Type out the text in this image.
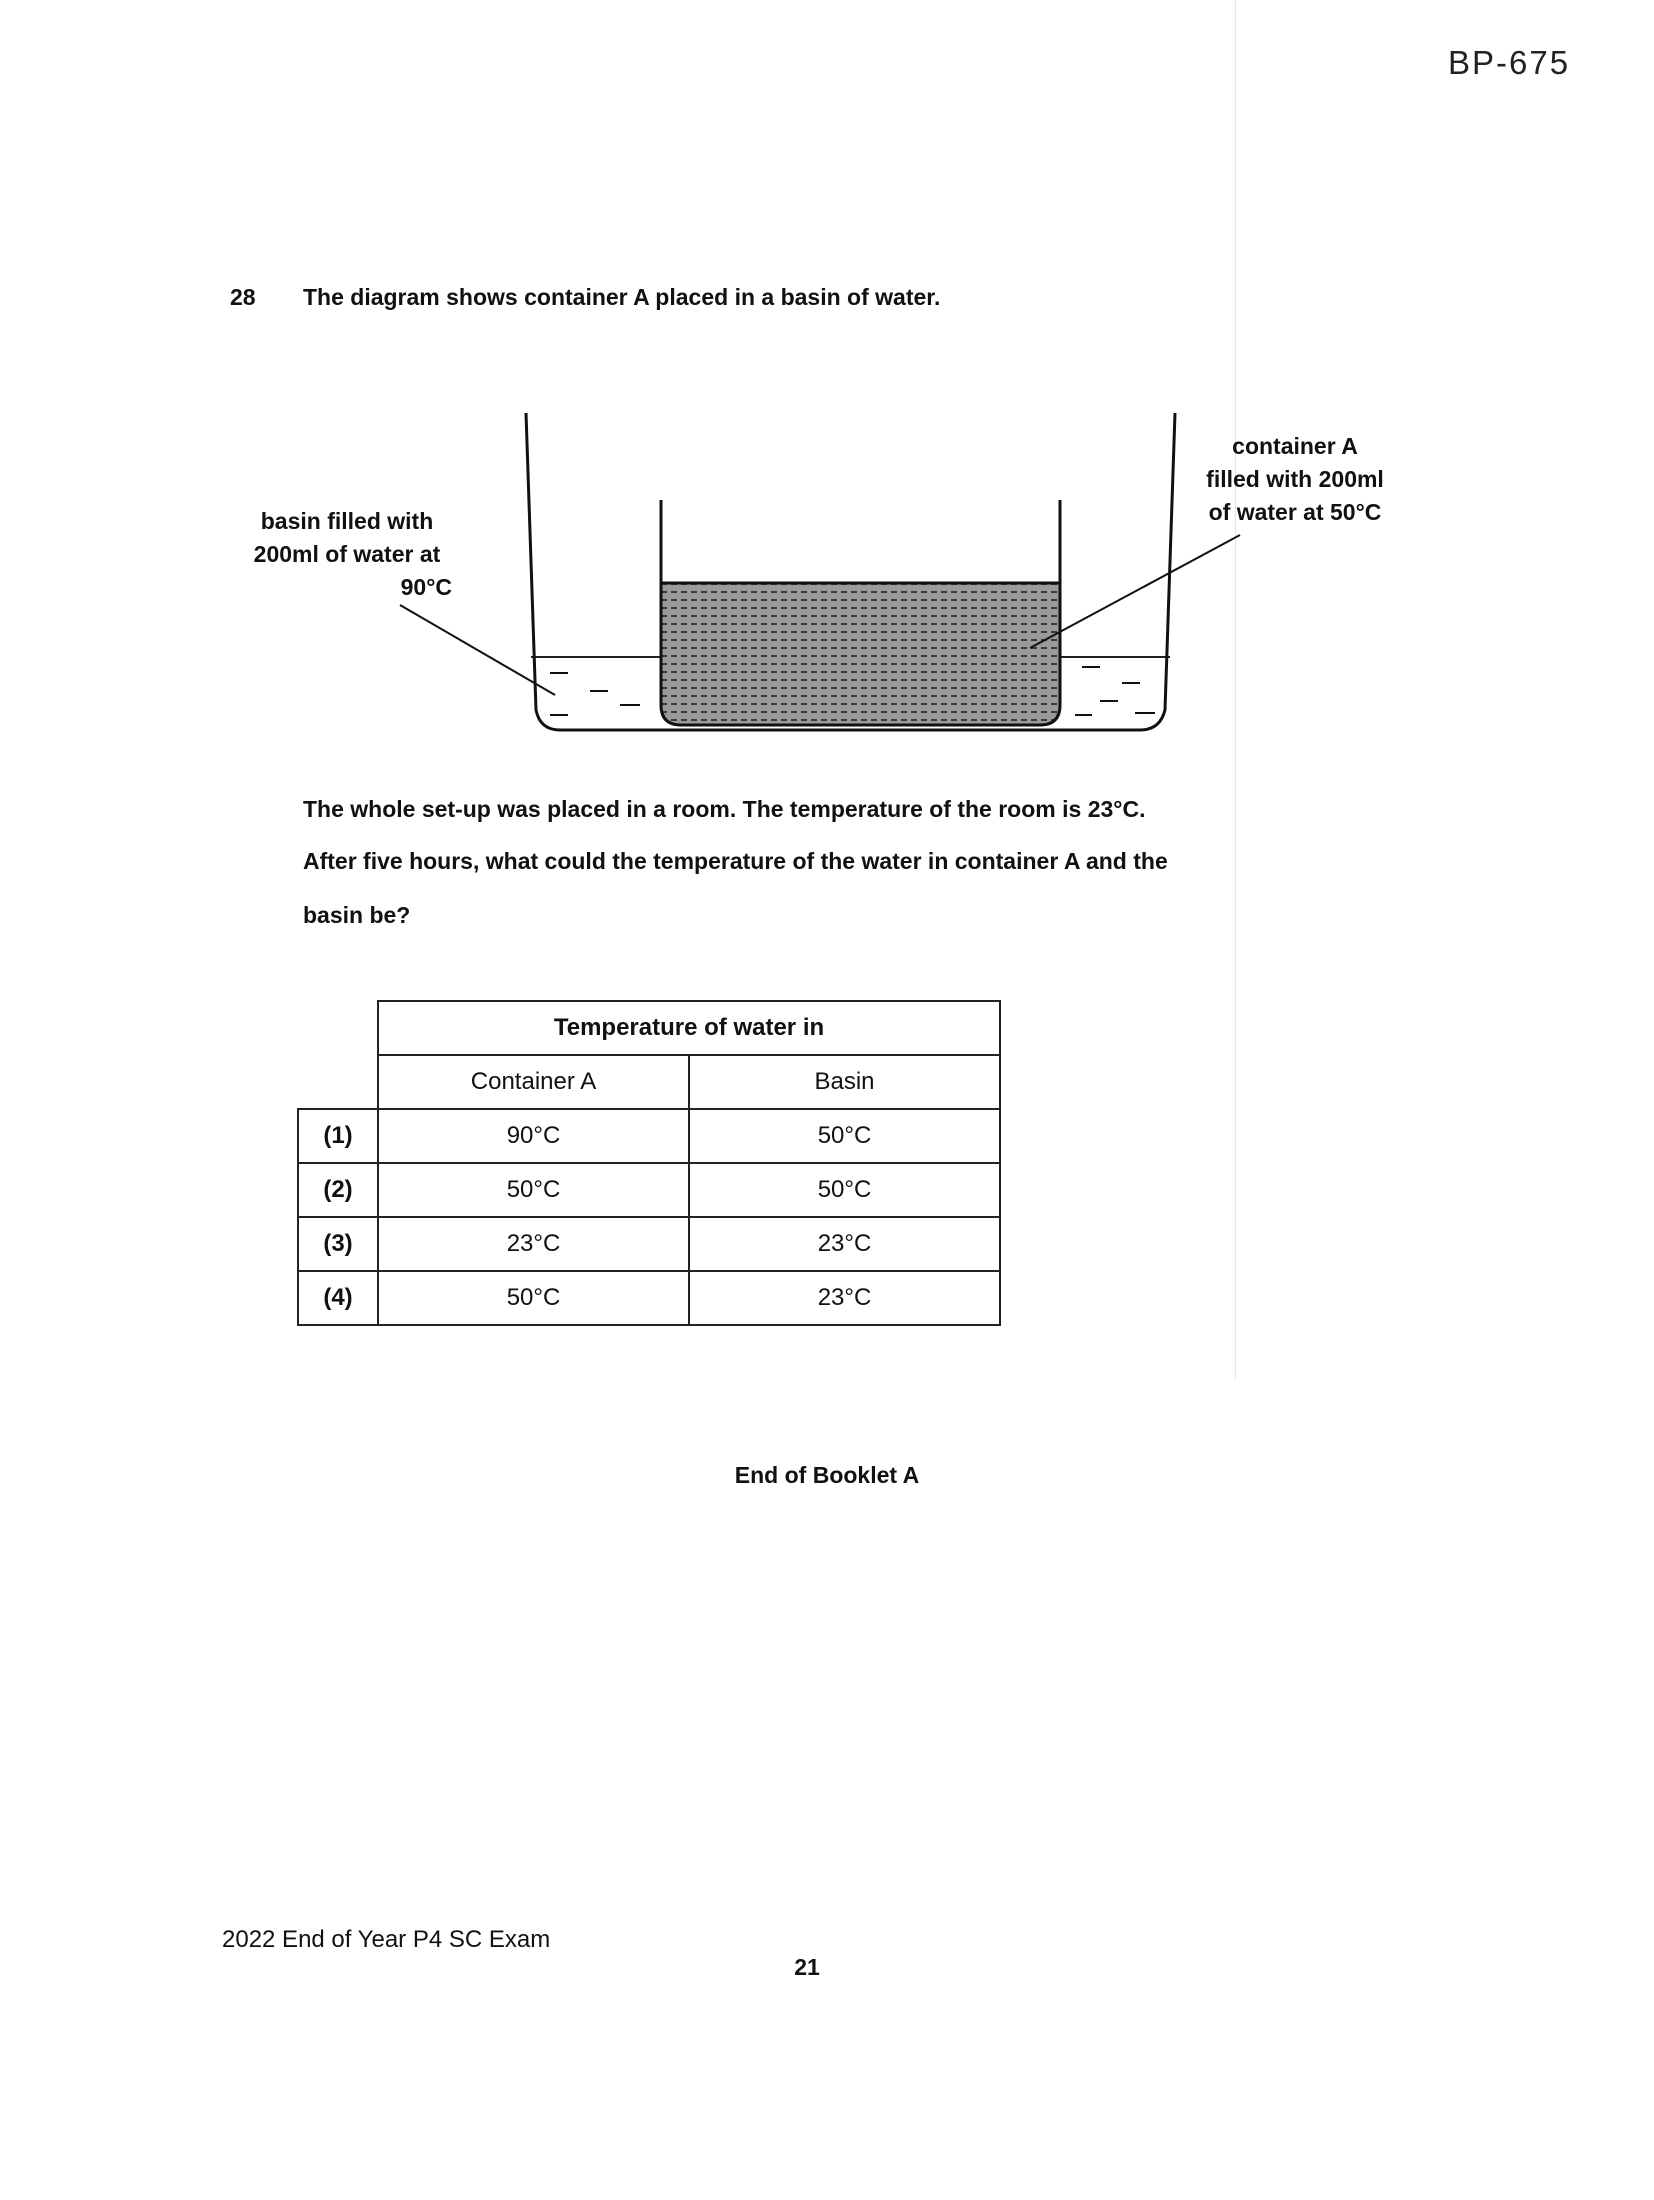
BP-675
28 The diagram shows container A placed in a basin of water.
basin filled with
200ml of water at
90°C
container A
filled with 200ml
of water at 50°C
The whole set-up was placed in a room. The temperature of the room is 23°C.
After five hours, what could the temperature of the water in container A and the
basin be?
	Temperature of water in	
	Container A	Basin
(1)	90°C	50°C
(2)	50°C	50°C
(3)	23°C	23°C
(4)	50°C	23°C
End of Booklet A
2022 End of Year P4 SC Exam
21
